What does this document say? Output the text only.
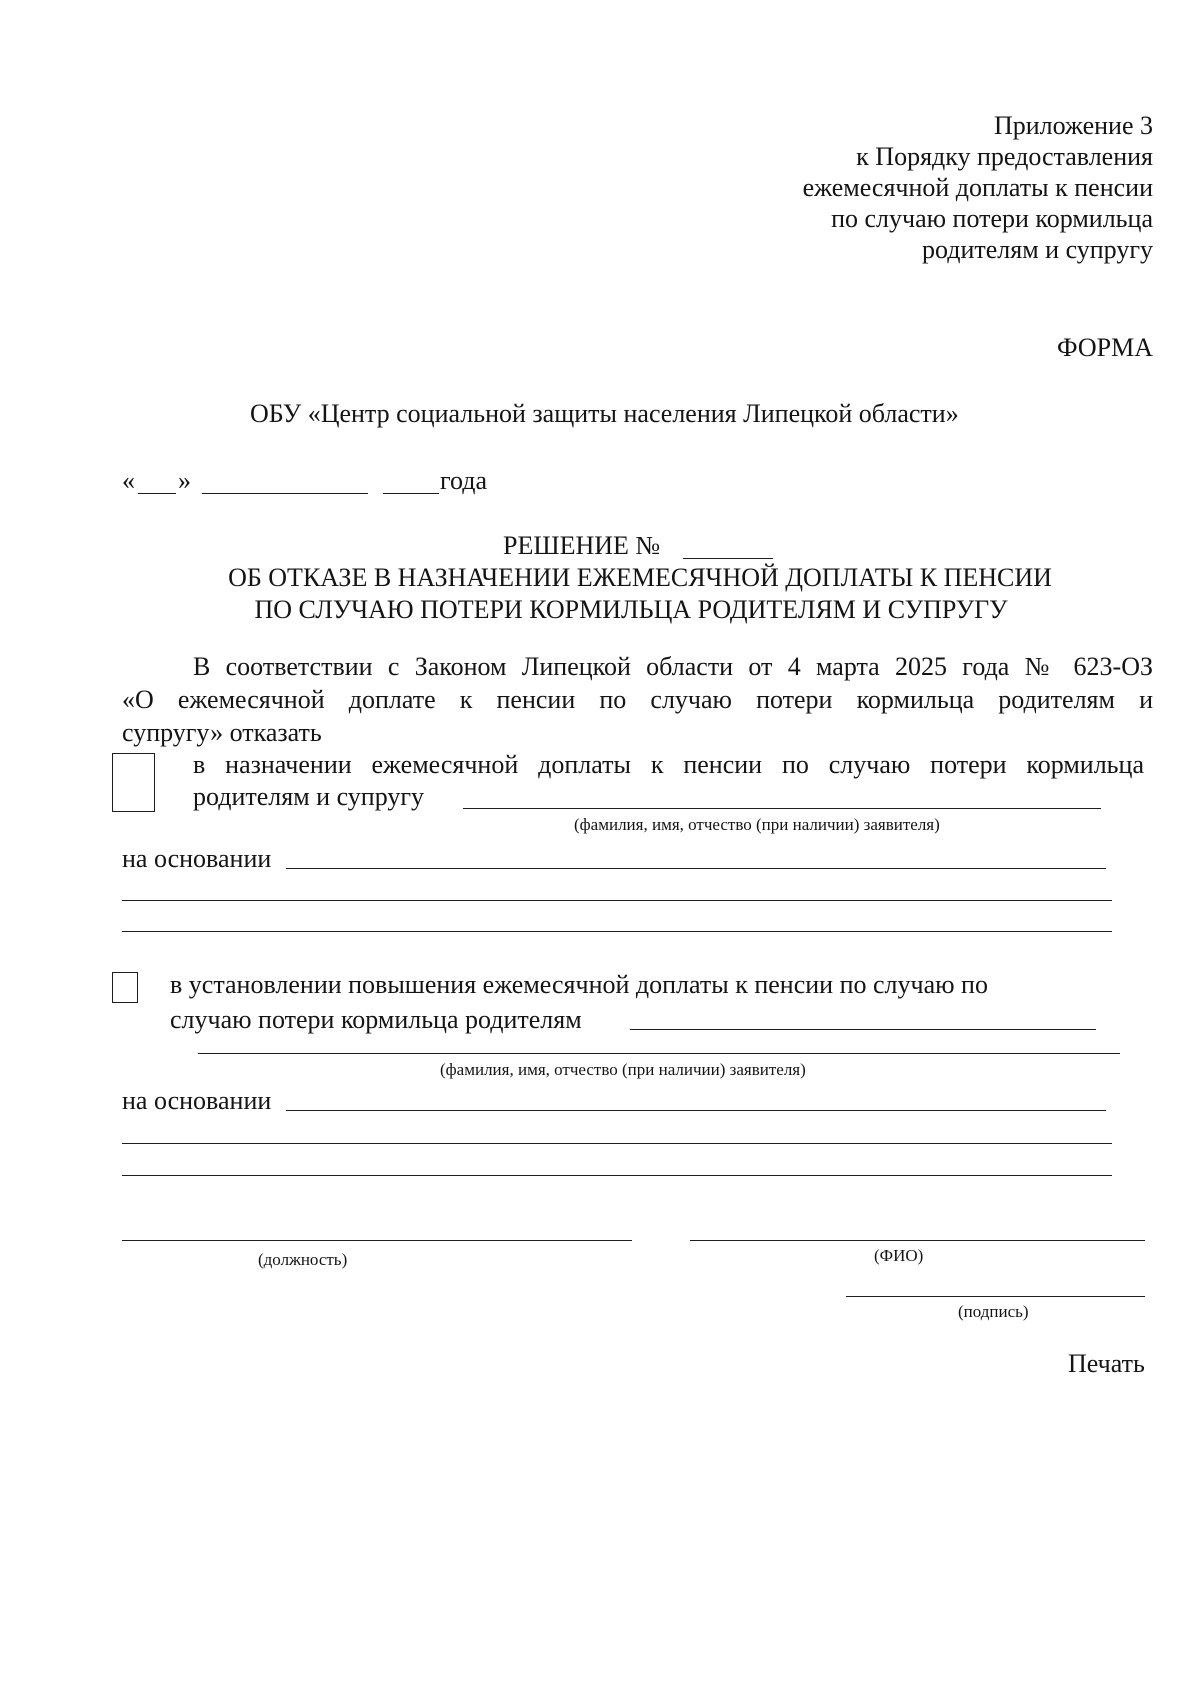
Приложение 3
к Порядку предоставления
ежемесячной доплаты к пенсии
по случаю потери кормильца
родителям и супругу
ФОРМА
ОБУ «Центр социальной защиты населения Липецкой области»
« »	года
РЕШЕНИЕ №
ОБ ОТКАЗЕ В НАЗНАЧЕНИИ ЕЖЕМЕСЯЧНОЙ ДОПЛАТЫ К ПЕНСИИ
ПО СЛУЧАЮ ПОТЕРИ КОРМИЛЬЦА РОДИТЕЛЯМ И СУПРУГУ
В соответствии с Законом Липецкой области от 4 марта 2025 года № 623-ОЗ
«О ежемесячной доплате к пенсии по случаю потери кормильца родителям и
супругу» отказать
в назначении ежемесячной доплаты к пенсии по случаю потери кормильца
родителям и супругу
(фамилия, имя, отчество (при наличии) заявителя)
на основании
в установлении повышения ежемесячной доплаты к пенсии по случаю по
случаю потери кормильца родителям
(фамилия, имя, отчество (при наличии) заявителя)
на основании
(должность)	(ФИО)
(подпись)
Печать
